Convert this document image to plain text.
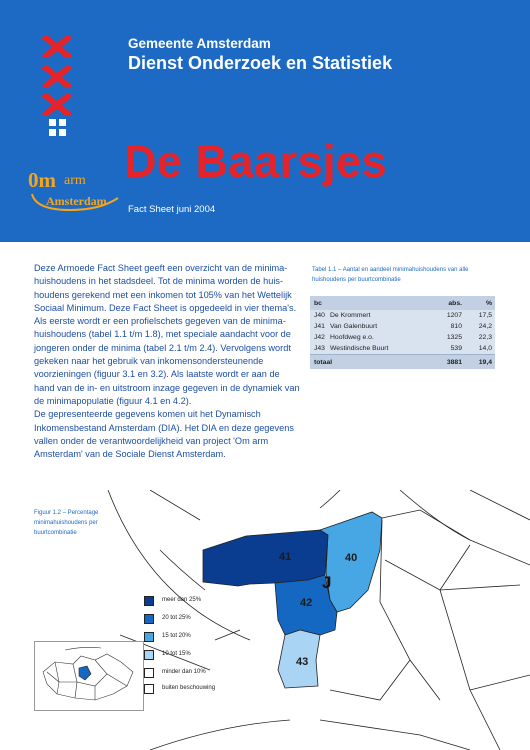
0m arm
Amsterdam
Gemeente Amsterdam
Dienst Onderzoek en Statistiek
De Baarsjes
Fact Sheet juni 2004

Deze Armoede Fact Sheet geeft een overzicht van de minima-huishoudens in het stadsdeel. Tot de minima worden de huis-houdens gerekend met een inkomen tot 105% van het Wettelijk Sociaal Minimum. Deze Fact Sheet is opgedeeld in vier thema's. Als eerste wordt er een profielschets gegeven van de minima-huishoudens (tabel 1.1 t/m 1.8), met speciale aandacht voor de jongeren onder de minima (tabel 2.1 t/m 2.4). Vervolgens wordt gekeken naar het gebruik van inkomensondersteunende voorzieningen (figuur 3.1 en 3.2). Als laatste wordt er aan de hand van de in- en uitstroom inzage gegeven in de dynamiek van de minimapopulatie (figuur 4.1 en 4.2).

De gepresenteerde gegevens komen uit het Dynamisch Inkomensbestand Amsterdam (DIA). Het DIA en deze gegevens vallen onder de verantwoordelijkheid van project 'Om arm Amsterdam' van de Sociale Dienst Amsterdam.

Tabel 1.1 – Aantal en aandeel minimahuishoudens van alle huishoudens per buurtcombinatie
bc	abs.	%
J40 De Krommert	1207	17,5
J41 Van Galenbuurt	810	24,2
J42 Hoofdweg e.o.	1325	22,3
J43 Westindische Buurt	539	14,0
totaal	3881	19,4
Figuur 1.2 – Percentage minimahuishoudens per buurtcombinatie
41	40
42
43
J
meer dan 25%
20 tot 25%
15 tot 20%
10 tot 15%
minder dan 10%
buiten beschouwing
